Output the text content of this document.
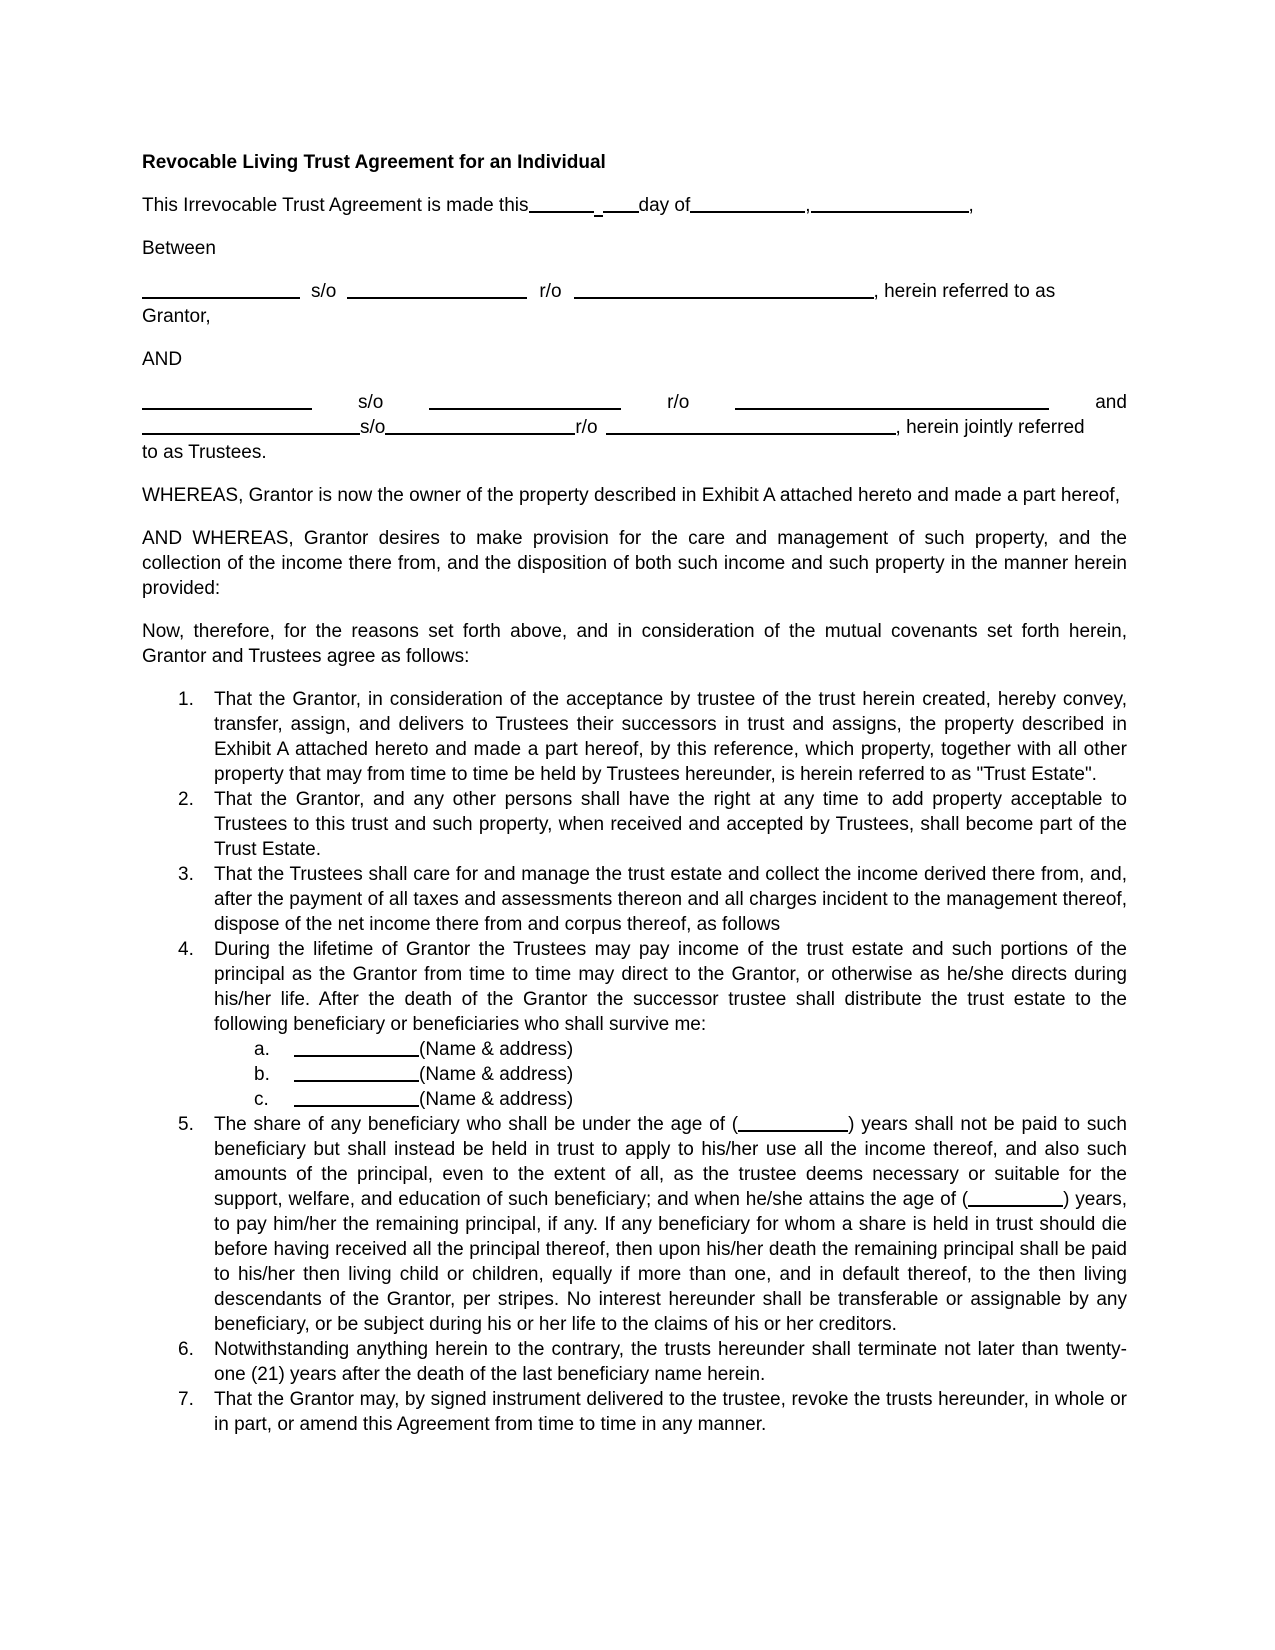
Revocable Living Trust Agreement for an Individual
This Irrevocable Trust Agreement is made this	day of	,	,
Between
s/o	r/o	, herein referred to as
Grantor,
AND
s/o	r/o	and
s/o	r/o	, herein jointly referred
to as Trustees.

WHEREAS, Grantor is now the owner of the property described in Exhibit A attached hereto and made a part hereof,

AND WHEREAS, Grantor desires to make provision for the care and management of such property, and the collection of the income there from, and the disposition of both such income and such property in the manner herein provided:

Now, therefore, for the reasons set forth above, and in consideration of the mutual covenants set forth herein, Grantor and Trustees agree as follows:

1.	That the Grantor, in consideration of the acceptance by trustee of the trust herein created, hereby convey, transfer, assign, and delivers to Trustees their successors in trust and assigns, the property described in Exhibit A attached hereto and made a part hereof, by this reference, which property, together with all other property that may from time to time be held by Trustees hereunder, is herein referred to as "Trust Estate".
2.	That the Grantor, and any other persons shall have the right at any time to add property acceptable to Trustees to this trust and such property, when received and accepted by Trustees, shall become part of the Trust Estate.
3.	That the Trustees shall care for and manage the trust estate and collect the income derived there from, and, after the payment of all taxes and assessments thereon and all charges incident to the management thereof, dispose of the net income there from and corpus thereof, as follows
4.	During the lifetime of Grantor the Trustees may pay income of the trust estate and such portions of the principal as the Grantor from time to time may direct to the Grantor, or otherwise as he/she directs during his/her life. After the death of the Grantor the successor trustee shall distribute the trust estate to the following beneficiary or beneficiaries who shall survive me:
a.	(Name & address)
b.	(Name & address)
c.	(Name & address)
5.	The share of any beneficiary who shall be under the age of (	) years shall not be paid to such beneficiary but shall instead be held in trust to apply to his/her use all the income thereof, and also such amounts of the principal, even to the extent of all, as the trustee deems necessary or suitable for the support, welfare, and education of such beneficiary; and when he/she attains the age of (	) years, to pay him/her the remaining principal, if any. If any beneficiary for whom a share is held in trust should die before having received all the principal thereof, then upon his/her death the remaining principal shall be paid to his/her then living child or children, equally if more than one, and in default thereof, to the then living descendants of the Grantor, per stripes. No interest hereunder shall be transferable or assignable by any beneficiary, or be subject during his or her life to the claims of his or her creditors.
6.	Notwithstanding anything herein to the contrary, the trusts hereunder shall terminate not later than twenty-one (21) years after the death of the last beneficiary name herein.
7.	That the Grantor may, by signed instrument delivered to the trustee, revoke the trusts hereunder, in whole or in part, or amend this Agreement from time to time in any manner.
